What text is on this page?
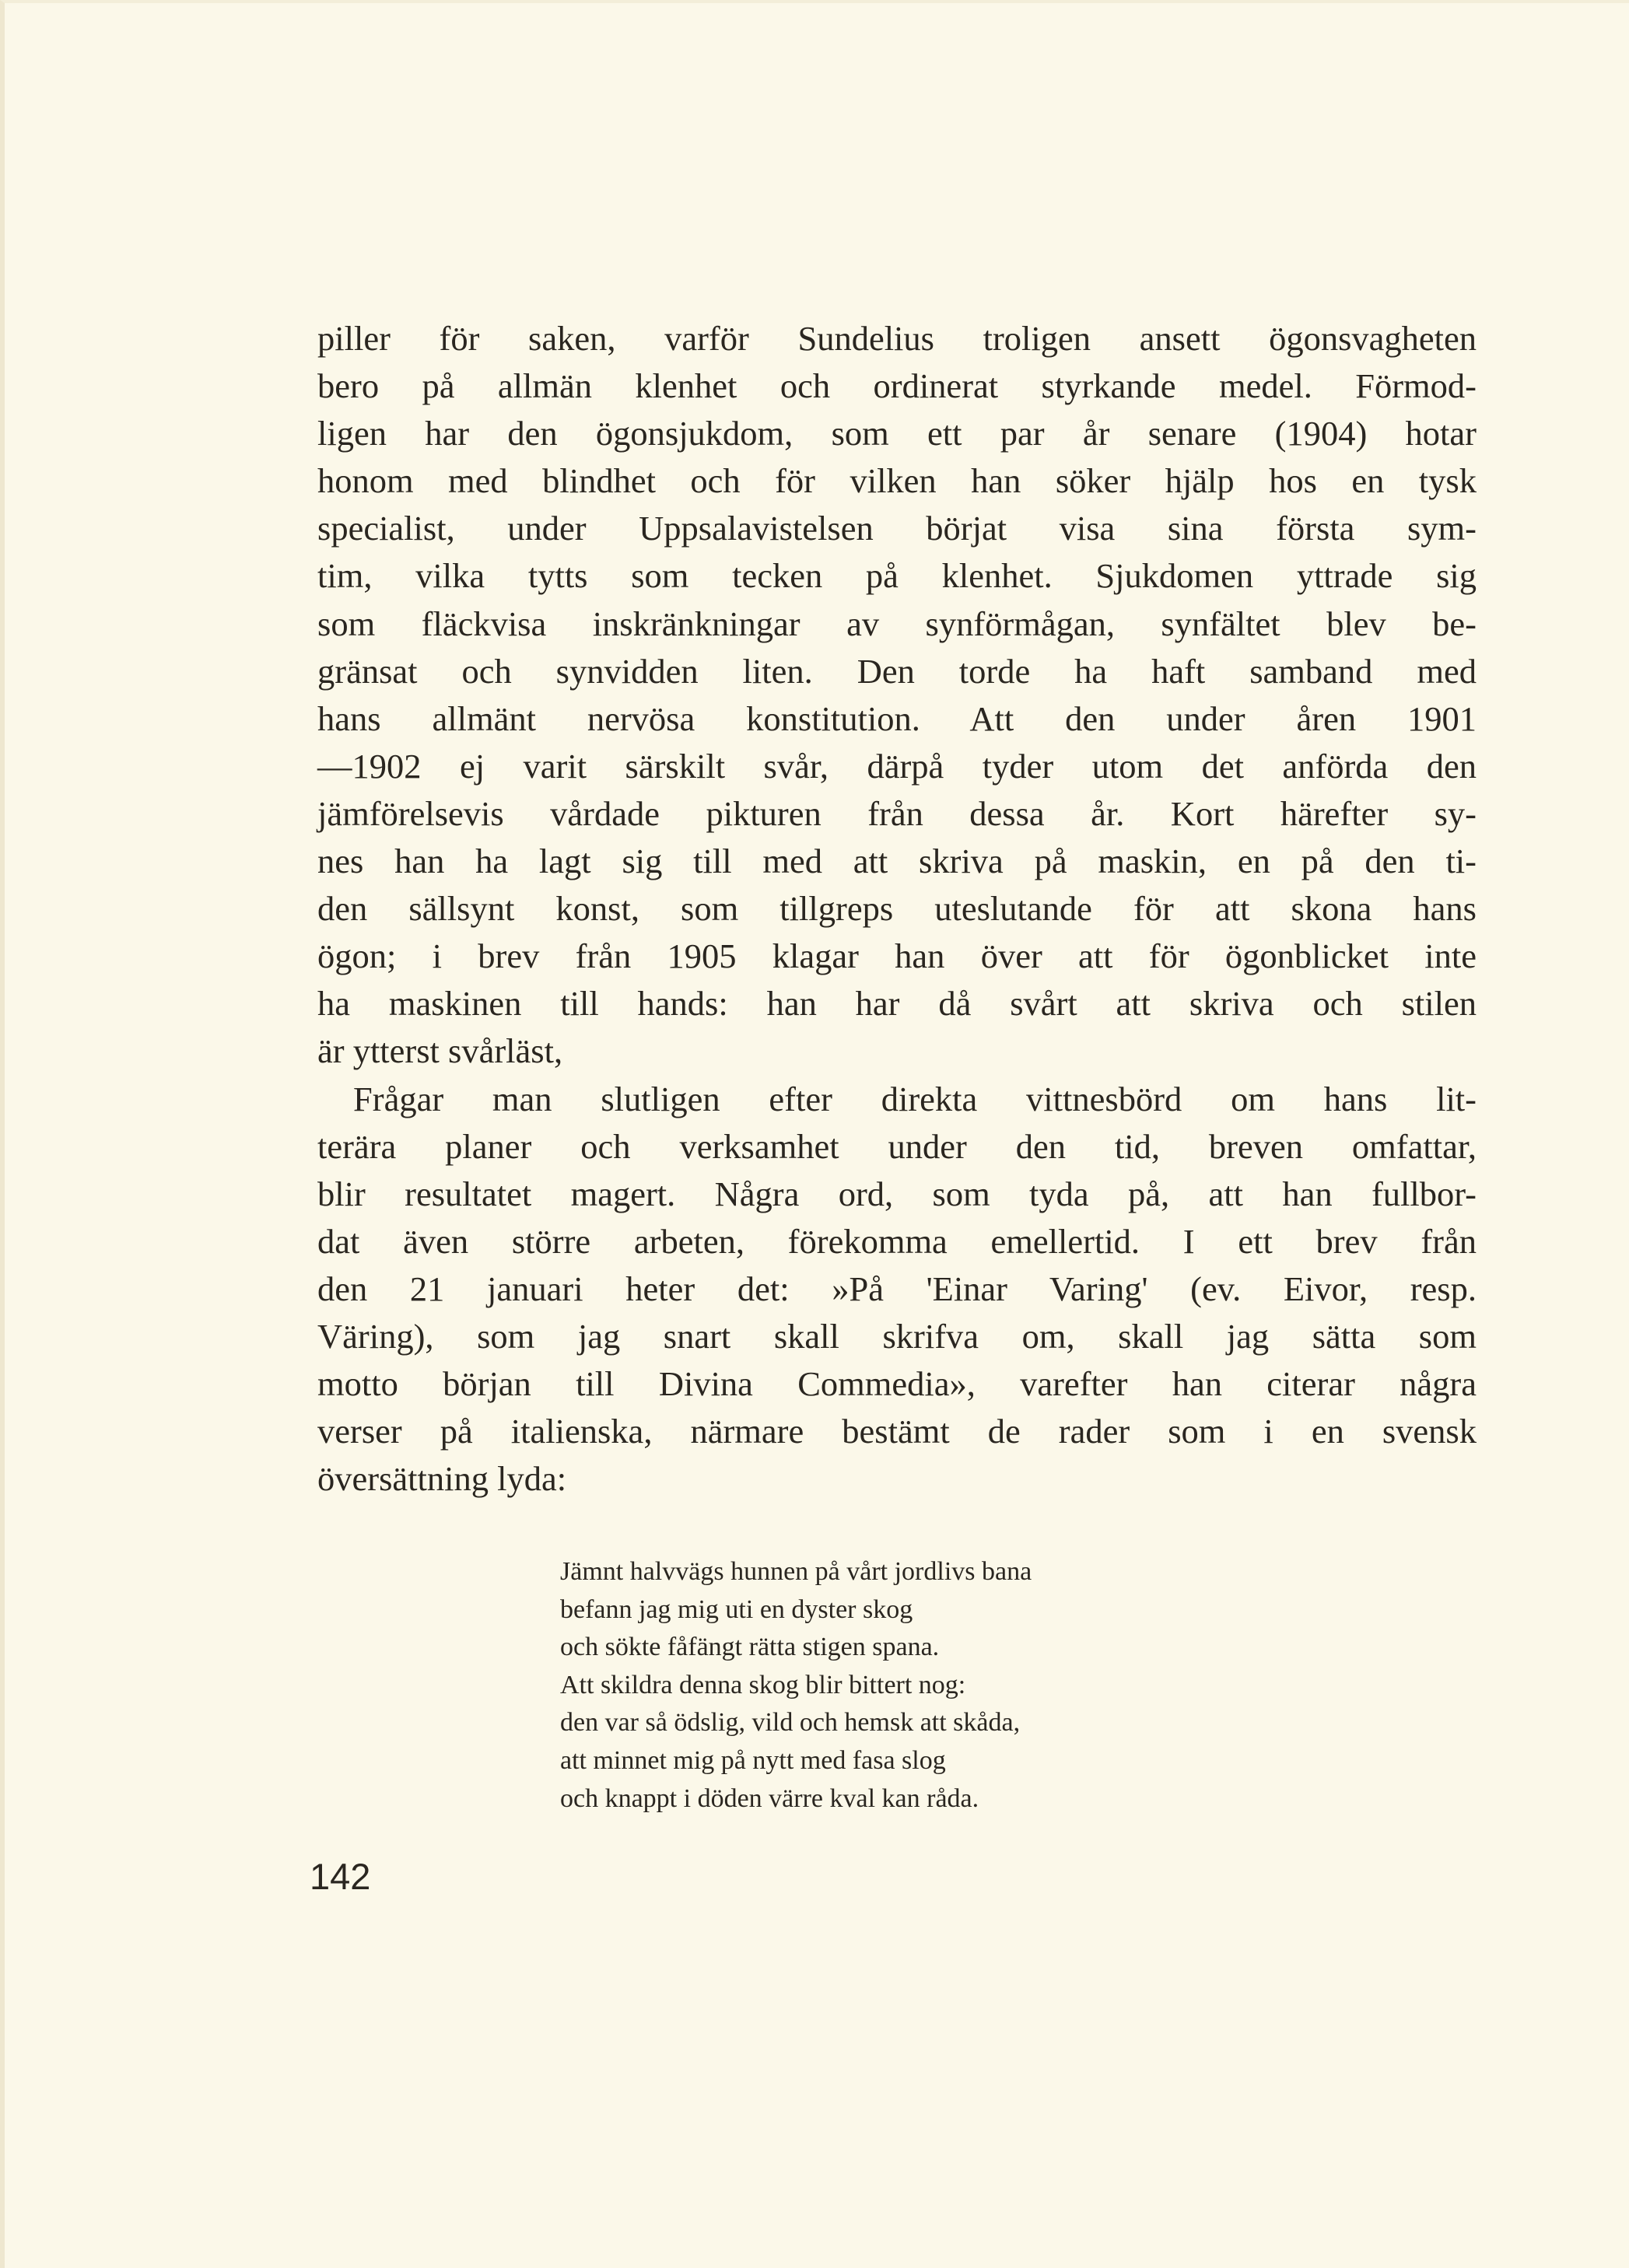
piller för saken, varför Sundelius troligen ansett ögonsvagheten
bero på allmän klenhet och ordinerat styrkande medel. Förmod-
ligen har den ögonsjukdom, som ett par år senare (1904) hotar
honom med blindhet och för vilken han söker hjälp hos en tysk
specialist, under Uppsalavistelsen börjat visa sina första sym-
tim, vilka tytts som tecken på klenhet. Sjukdomen yttrade sig
som fläckvisa inskränkningar av synförmågan, synfältet blev be-
gränsat och synvidden liten. Den torde ha haft samband med
hans allmänt nervösa konstitution. Att den under åren 1901
—1902 ej varit särskilt svår, därpå tyder utom det anförda den
jämförelsevis vårdade pikturen från dessa år. Kort härefter sy-
nes han ha lagt sig till med att skriva på maskin, en på den ti-
den sällsynt konst, som tillgreps uteslutande för att skona hans
ögon; i brev från 1905 klagar han över att för ögonblicket inte
ha maskinen till hands: han har då svårt att skriva och stilen
är ytterst svårläst,
Frågar man slutligen efter direkta vittnesbörd om hans lit-
terära planer och verksamhet under den tid, breven omfattar,
blir resultatet magert. Några ord, som tyda på, att han fullbor-
dat även större arbeten, förekomma emellertid. I ett brev från
den 21 januari heter det: »På 'Einar Varing' (ev. Eivor, resp.
Väring), som jag snart skall skrifva om, skall jag sätta som
motto början till Divina Commedia», varefter han citerar några
verser på italienska, närmare bestämt de rader som i en svensk
översättning lyda:
Jämnt halvvägs hunnen på vårt jordlivs bana
befann jag mig uti en dyster skog
och sökte fåfängt rätta stigen spana.
Att skildra denna skog blir bittert nog:
den var så ödslig, vild och hemsk att skåda,
att minnet mig på nytt med fasa slog
och knappt i döden värre kval kan råda.
142
